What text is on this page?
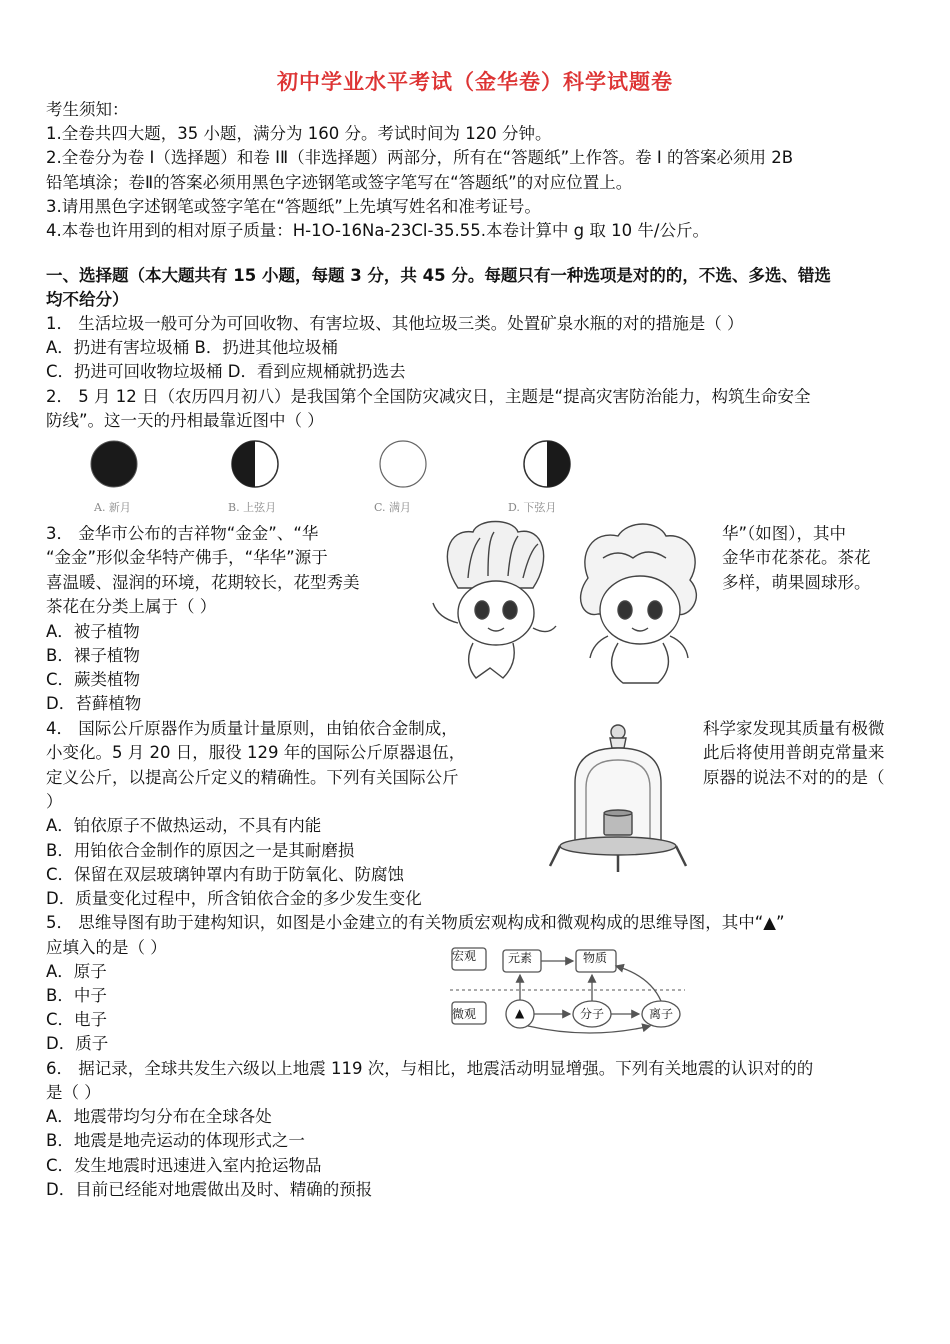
初中学业水平考试（金华卷）科学试题卷
考生须知：
1.全卷共四大题，35 小题，满分为 160 分。考试时间为 120 分钟。
2.全卷分为卷 I（选择题）和卷 IⅡ（非选择题）两部分，所有在“答题纸”上作答。卷 I 的答案必须用 2B
铅笔填涂；卷Ⅱ的答案必须用黑色字迹钢笔或签字笔写在“答题纸”的对应位置上。
3.请用黑色字述钢笔或签字笔在“答题纸”上先填写姓名和准考证号。
4.本卷也许用到的相对原子质量：H-1O-16Na-23Cl-35.55.本卷计算中 g 取 10 牛/公斤。
一、选择题（本大题共有 15 小题，每题 3 分，共 45 分。每题只有一种选项是对的的，不选、多选、错选
均不给分）
1． 生活垃圾一般可分为可回收物、有害垃圾、其他垃圾三类。处置矿泉水瓶的对的措施是（ ）
A．扔进有害垃圾桶 B．扔进其他垃圾桶
C．扔进可回收物垃圾桶 D．看到应规桶就扔选去
2． 5 月 12 日（农历四月初八）是我国第个全国防灾减灾日，主题是“提高灾害防治能力，构筑生命安全
防线”。这一天的丹相最靠近图中（ ）
A. 新月	B. 上弦月	C. 满月	D. 下弦月
3． 金华市公布的吉祥物“金金”、“华	华”（如图），其中
“金金”形似金华特产佛手，“华华”源于	金华市花茶花。茶花
喜温暖、湿润的环境，花期较长，花型秀美	多样，萌果圆球形。
茶花在分类上属于（ ）
A．被子植物
B．裸子植物
C．蕨类植物
D．苔藓植物
4． 国际公斤原器作为质量计量原则，由铂依合金制成，	科学家发现其质量有极微
小变化。5 月 20 日，服役 129 年的国际公斤原器退伍，	此后将使用普朗克常量来
定义公斤，以提高公斤定义的精确性。下列有关国际公斤	原器的说法不对的的是（
）
A．铂依原子不做热运动，不具有内能
B．用铂依合金制作的原因之一是其耐磨损
C．保留在双层玻璃钟罩内有助于防氧化、防腐蚀
D．质量变化过程中，所含铂依合金的多少发生变化
5． 思维导图有助于建构知识，如图是小金建立的有关物质宏观构成和微观构成的思维导图，其中“▲”
应填入的是（ ）
A．原子
B．中子
C．电子
D．质子
宏观	元素	物质
微观	▲	分子	离子
6． 据记录，全球共发生六级以上地震 119 次，与相比，地震活动明显增强。下列有关地震的认识对的的
是（ ）
A．地震带均匀分布在全球各处
B．地震是地壳运动的体现形式之一
C．发生地震时迅速进入室内抢运物品
D．目前已经能对地震做出及时、精确的预报
